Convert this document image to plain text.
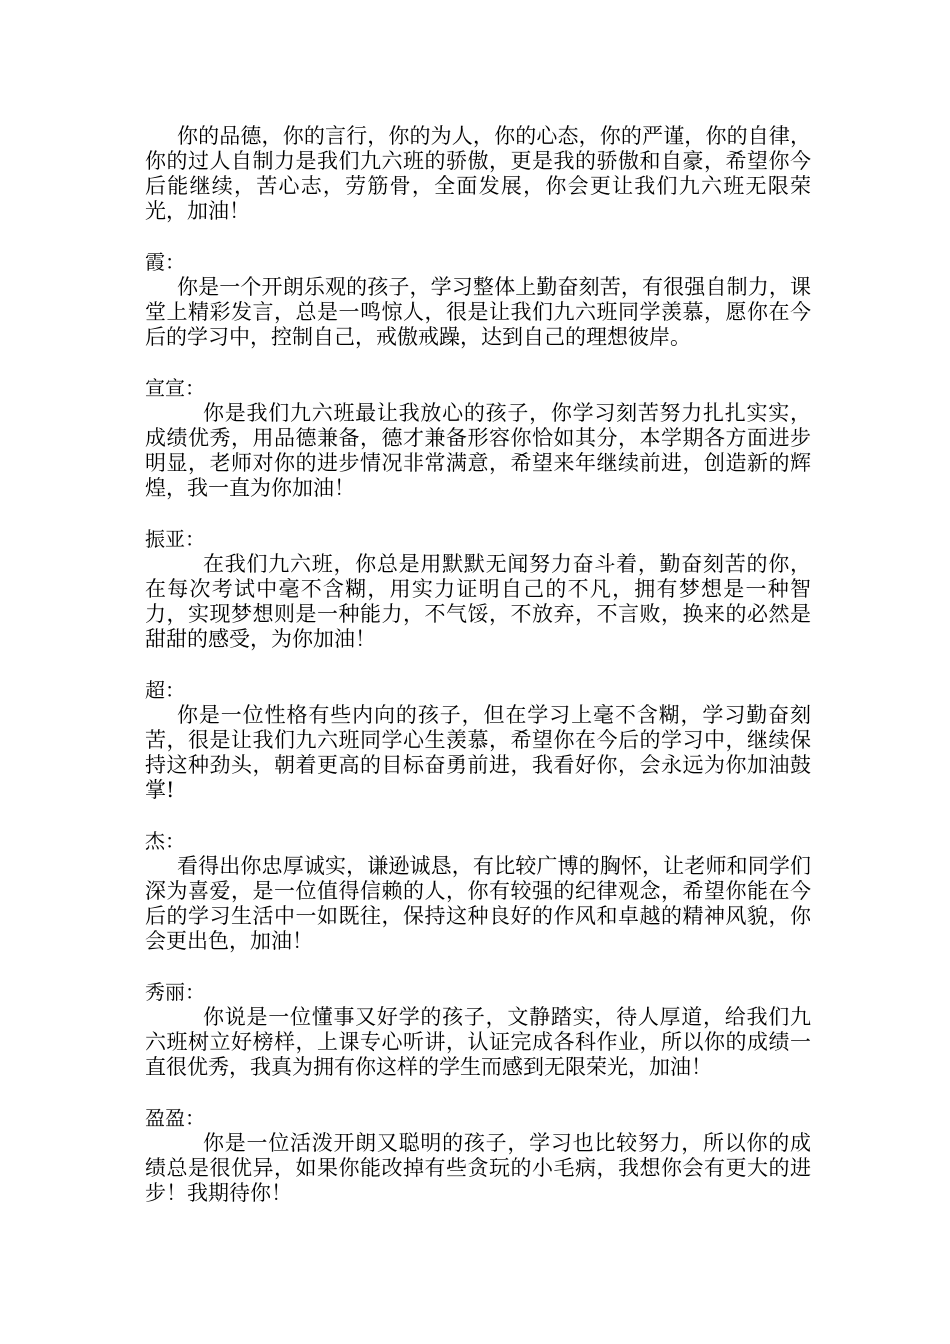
你的品德，你的言行，你的为人，你的心态，你的严谨，你的自律，你的过人自制力是我们九六班的骄傲，更是我的骄傲和自豪，希望你今后能继续，苦心志，劳筋骨，全面发展，你会更让我们九六班无限荣光，加油！

霞：

你是一个开朗乐观的孩子，学习整体上勤奋刻苦，有很强自制力，课堂上精彩发言，总是一鸣惊人，很是让我们九六班同学羡慕，愿你在今后的学习中，控制自己，戒傲戒躁，达到自己的理想彼岸。

宣宣：

你是我们九六班最让我放心的孩子，你学习刻苦努力扎扎实实，成绩优秀，用品德兼备，德才兼备形容你恰如其分，本学期各方面进步明显，老师对你的进步情况非常满意，希望来年继续前进，创造新的辉煌，我一直为你加油！

振亚：

在我们九六班，你总是用默默无闻努力奋斗着，勤奋刻苦的你，在每次考试中毫不含糊，用实力证明自己的不凡，拥有梦想是一种智力，实现梦想则是一种能力，不气馁，不放弃，不言败，换来的必然是甜甜的感受，为你加油！

超：

你是一位性格有些内向的孩子，但在学习上毫不含糊，学习勤奋刻苦，很是让我们九六班同学心生羡慕，希望你在今后的学习中，继续保持这种劲头，朝着更高的目标奋勇前进，我看好你，会永远为你加油鼓掌!

杰：

看得出你忠厚诚实，谦逊诚恳，有比较广博的胸怀，让老师和同学们深为喜爱，是一位值得信赖的人，你有较强的纪律观念，希望你能在今后的学习生活中一如既往，保持这种良好的作风和卓越的精神风貌，你会更出色，加油！

秀丽：

你说是一位懂事又好学的孩子，文静踏实，待人厚道，给我们九六班树立好榜样，上课专心听讲，认证完成各科作业，所以你的成绩一直很优秀，我真为拥有你这样的学生而感到无限荣光，加油！

盈盈：

你是一位活泼开朗又聪明的孩子，学习也比较努力，所以你的成绩总是很优异，如果你能改掉有些贪玩的小毛病，我想你会有更大的进步！我期待你！
